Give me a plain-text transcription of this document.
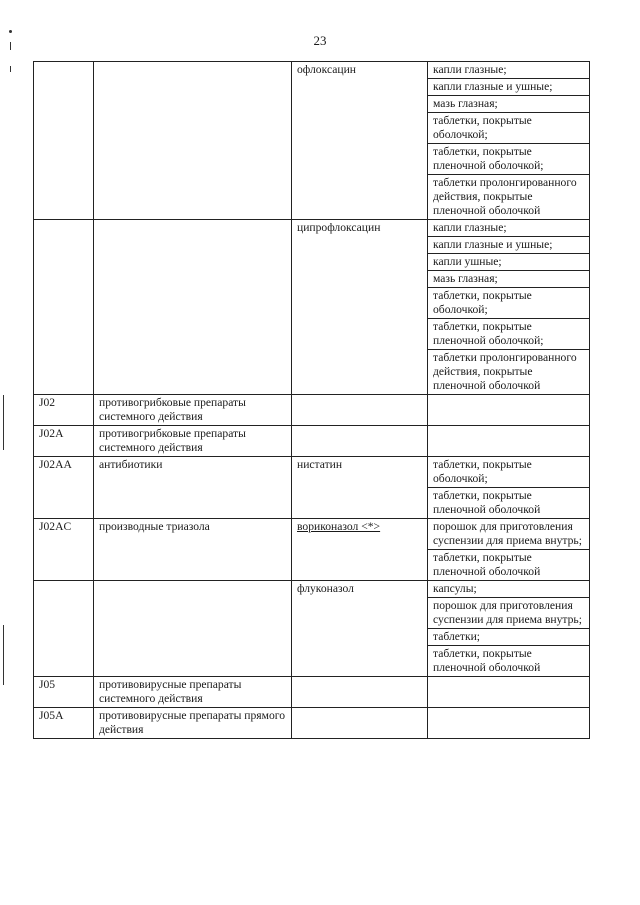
23
		офлоксацин	капли глазные;
			капли глазные и ушные;
			мазь глазная;
			таблетки, покрытые оболочкой;
			таблетки, покрытые пленочной оболочкой;
			таблетки пролонгированного действия, покрытые пленочной оболочкой
		ципрофлоксацин	капли глазные;
			капли глазные и ушные;
			капли ушные;
			мазь глазная;
			таблетки, покрытые оболочкой;
			таблетки, покрытые пленочной оболочкой;
			таблетки пролонгированного действия, покрытые пленочной оболочкой
J02	противогрибковые препараты системного действия		
J02A	противогрибковые препараты системного действия		
J02AA	антибиотики	нистатин	таблетки, покрытые оболочкой;
			таблетки, покрытые пленочной оболочкой
J02AC	производные триазола	вориконазол <*>	порошок для приготовления суспензии для приема внутрь;
			таблетки, покрытые пленочной оболочкой
		флуконазол	капсулы;
			порошок для приготовления суспензии для приема внутрь;
			таблетки;
			таблетки, покрытые пленочной оболочкой
J05	противовирусные препараты системного действия		
J05A	противовирусные препараты прямого действия		
